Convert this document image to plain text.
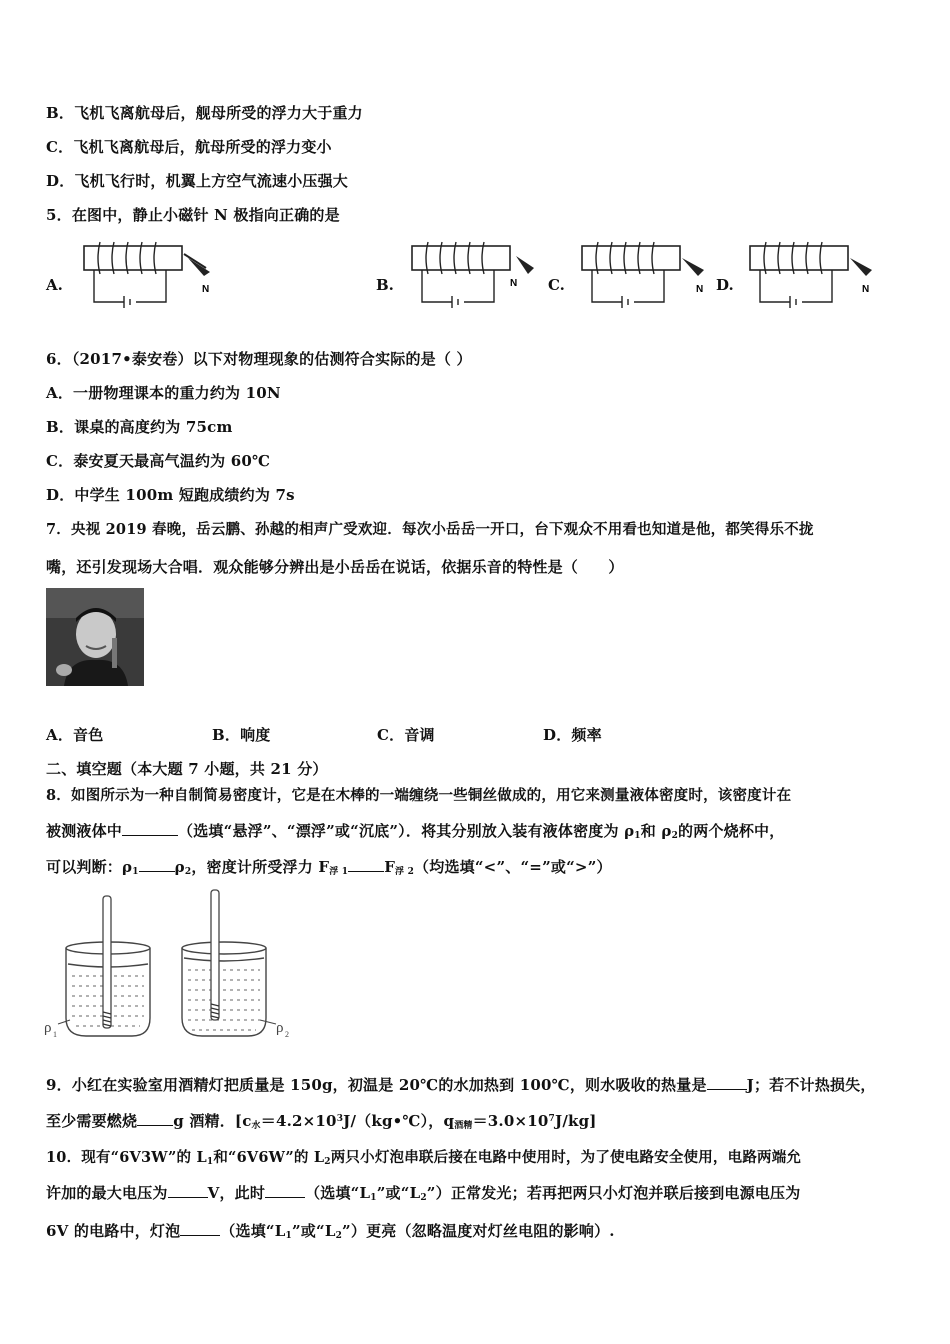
B．飞机飞离航母后，舰母所受的浮力大于重力
C．飞机飞离航母后，航母所受的浮力变小
D．飞机飞行时，机翼上方空气流速小压强大
5．在图中，静止小磁针 N 极指向正确的是
A.	B.	C.	D.
N
N
N	N
6．（2017•泰安卷）以下对物理现象的估测符合实际的是（ ）
A．一册物理课本的重力约为 10N
B．课桌的高度约为 75cm
C．泰安夏天最高气温约为 60℃
D．中学生 100m 短跑成绩约为 7s
7．央视 2019 春晚，岳云鹏、孙越的相声广受欢迎．每次小岳岳一开口，台下观众不用看也知道是他，都笑得乐不拢
嘴，还引发现场大合唱．观众能够分辨出是小岳岳在说话，依据乐音的特性是（　　）
A．音色	B．响度	C．音调	D．频率
二、填空题（本大题 7 小题，共 21 分）
8．如图所示为一种自制简易密度计，它是在木棒的一端缠绕一些铜丝做成的，用它来测量液体密度时，该密度计在
被测液体中	（选填“悬浮”、“漂浮”或“沉底”）．将其分别放入装有液体密度为 $\rho_1$和 $\rho_2$的两个烧杯中，
可以判断：$\rho_1$ $\rho_2$，密度计所受浮力 $F_{浮 1}$ $F_{浮 2}$（均选填“<”、“=”或“>”）
ρ 1	ρ 2
9．小红在实验室用酒精灯把质量是 150g，初温是 20℃的水加热到 100℃，则水吸收的热量是	J；若不计热损失，
至少需要燃烧 g 酒精．[$c_水=4.2\times 10^3J/(kg•℃)$，$q_{酒精}=3.0\times 10^7J/kg$]
10．现有“6V3W”的 $L_1$和“6V6W”的 $L_2$两只小灯泡串联后接在电路中使用时，为了使电路安全使用，电路两端允
许加的最大电压为	V，此时	（选填“$L_1$”或“$L_2$”）正常发光；若再把两只小灯泡并联后接到电源电压为
6V 的电路中，灯泡	（选填“$L_1$”或“$L_2$”）更亮（忽略温度对灯丝电阻的影响）.
